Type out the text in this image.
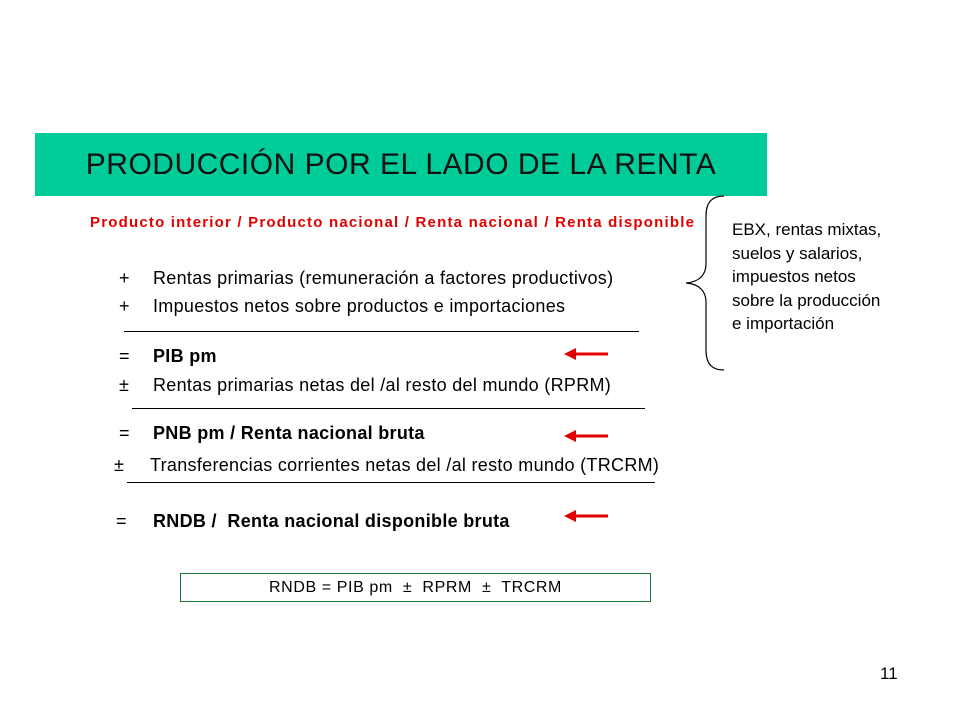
PRODUCCIÓN POR EL LADO DE LA RENTA
Producto interior / Producto nacional / Renta nacional / Renta disponible
+ Rentas primarias (remuneración a factores productivos)
+ Impuestos netos sobre productos e importaciones
= PIB pm
± Rentas primarias netas del /al resto del mundo (RPRM)
= PNB pm / Renta nacional bruta
± Transferencias corrientes netas del /al resto mundo (TRCRM)
= RNDB /  Renta nacional disponible bruta
EBX, rentas mixtas,
suelos y salarios,
impuestos netos
sobre la producción
e importación
RNDB = PIB pm  ±  RPRM  ±  TRCRM
11
